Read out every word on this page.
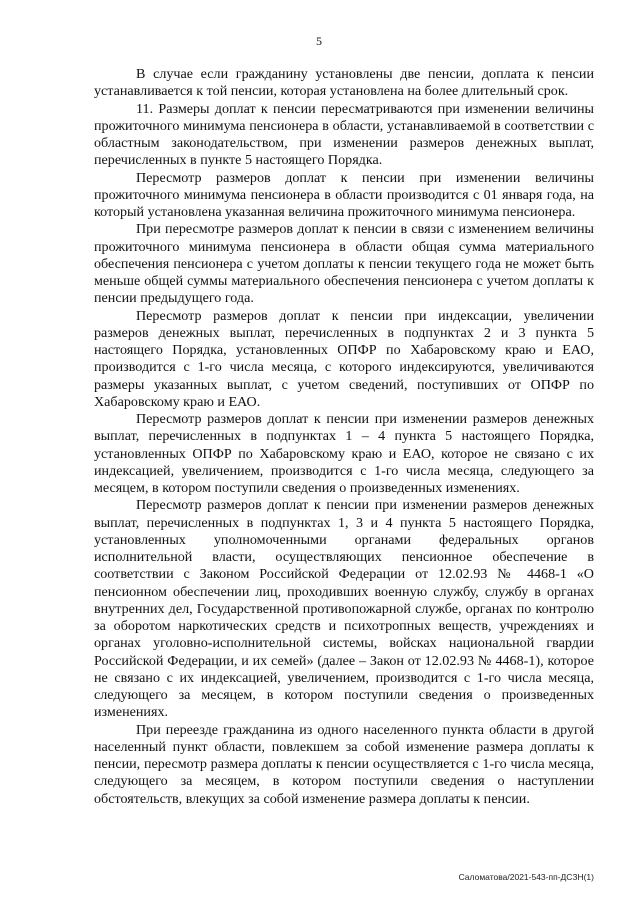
5

В случае если гражданину установлены две пенсии, доплата к пенсии устанавливается к той пенсии, которая установлена на более длительный срок.

11. Размеры доплат к пенсии пересматриваются при изменении величины прожиточного минимума пенсионера в области, устанавливаемой в соответствии с областным законодательством, при изменении размеров денежных выплат, перечисленных в пункте 5 настоящего Порядка.

Пересмотр размеров доплат к пенсии при изменении величины прожиточного минимума пенсионера в области производится с 01 января года, на который установлена указанная величина прожиточного минимума пенсионера.

При пересмотре размеров доплат к пенсии в связи с изменением величины прожиточного минимума пенсионера в области общая сумма материального обеспечения пенсионера с учетом доплаты к пенсии текущего года не может быть меньше общей суммы материального обеспечения пенсионера с учетом доплаты к пенсии предыдущего года.

Пересмотр размеров доплат к пенсии при индексации, увеличении размеров денежных выплат, перечисленных в подпунктах 2 и 3 пункта 5 настоящего Порядка, установленных ОПФР по Хабаровскому краю и ЕАО, производится с 1-го числа месяца, с которого индексируются, увеличиваются размеры указанных выплат, с учетом сведений, поступивших от ОПФР по Хабаровскому краю и ЕАО.

Пересмотр размеров доплат к пенсии при изменении размеров денежных выплат, перечисленных в подпунктах 1 – 4 пункта 5 настоящего Порядка, установленных ОПФР по Хабаровскому краю и ЕАО, которое не связано с их индексацией, увеличением, производится с 1-го числа месяца, следующего за месяцем, в котором поступили сведения о произведенных изменениях.

Пересмотр размеров доплат к пенсии при изменении размеров денежных выплат, перечисленных в подпунктах 1, 3 и 4 пункта 5 настоящего Порядка, установленных уполномоченными органами федеральных органов исполнительной власти, осуществляющих пенсионное обеспечение в соответствии с Законом Российской Федерации от 12.02.93 № 4468-1 «О пенсионном обеспечении лиц, проходивших военную службу, службу в органах внутренних дел, Государственной противопожарной службе, органах по контролю за оборотом наркотических средств и психотропных веществ, учреждениях и органах уголовно-исполнительной системы, войсках национальной гвардии Российской Федерации, и их семей» (далее – Закон от 12.02.93 № 4468-1), которое не связано с их индексацией, увеличением, производится с 1-го числа месяца, следующего за месяцем, в котором поступили сведения о произведенных изменениях.

При переезде гражданина из одного населенного пункта области в другой населенный пункт области, повлекшем за собой изменение размера доплаты к пенсии, пересмотр размера доплаты к пенсии осуществляется с 1-го числа месяца, следующего за месяцем, в котором поступили сведения о наступлении обстоятельств, влекущих за собой изменение размера доплаты к пенсии.

Саломатова/2021-543-пп-ДСЗН(1)
